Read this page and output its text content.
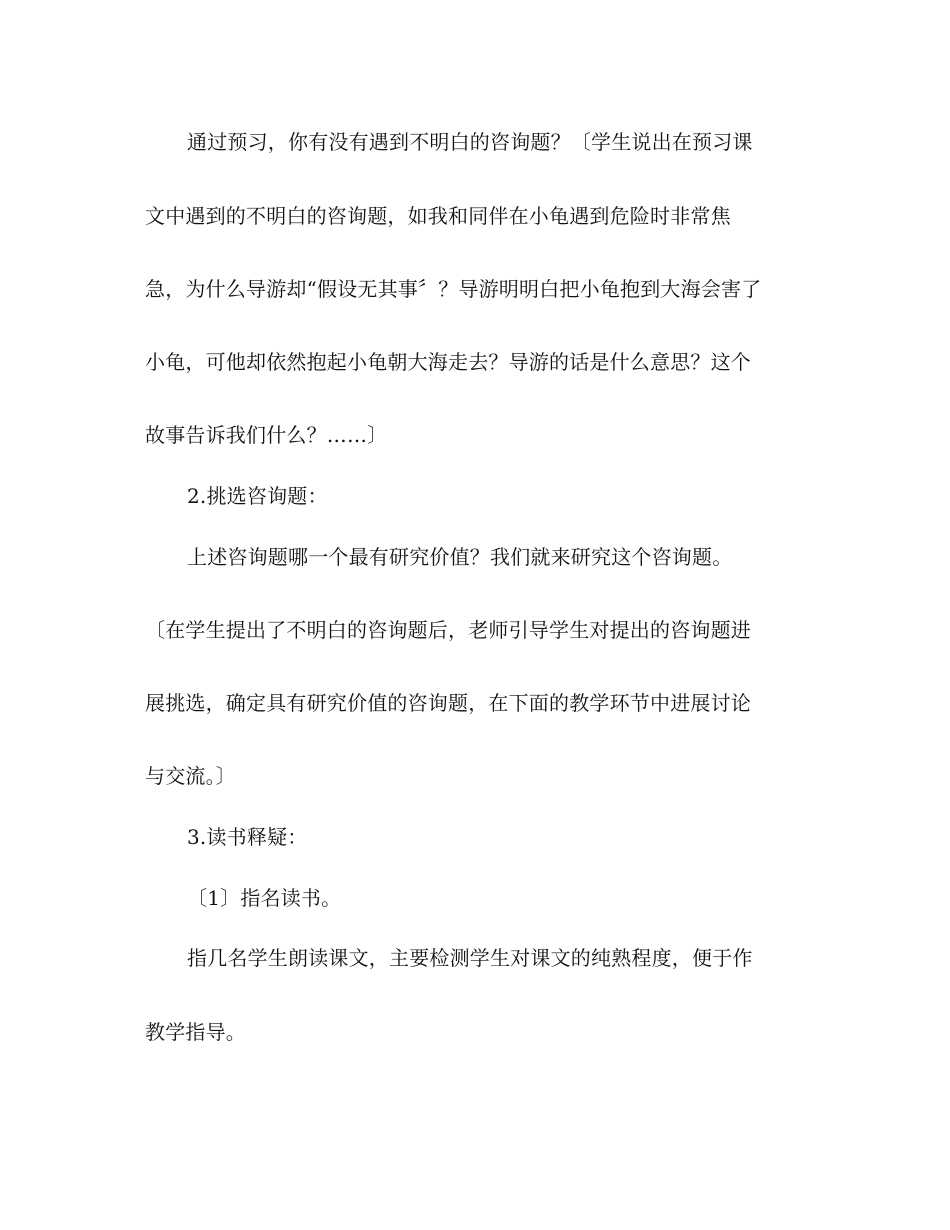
通过预习，你有没有遇到不明白的咨询题？〔学生说出在预习课
文中遇到的不明白的咨询题，如我和同伴在小龟遇到危险时非常焦
急，为什么导游却“假设无其事〞？导游明明白把小龟抱到大海会害了
小龟，可他却依然抱起小龟朝大海走去？导游的话是什么意思？这个
故事告诉我们什么？……〕
2.挑选咨询题：
上述咨询题哪一个最有研究价值？我们就来研究这个咨询题。
〔在学生提出了不明白的咨询题后，老师引导学生对提出的咨询题进
展挑选，确定具有研究价值的咨询题，在下面的教学环节中进展讨论
与交流。〕
3.读书释疑：
〔1〕指名读书。
指几名学生朗读课文，主要检测学生对课文的纯熟程度，便于作
教学指导。
